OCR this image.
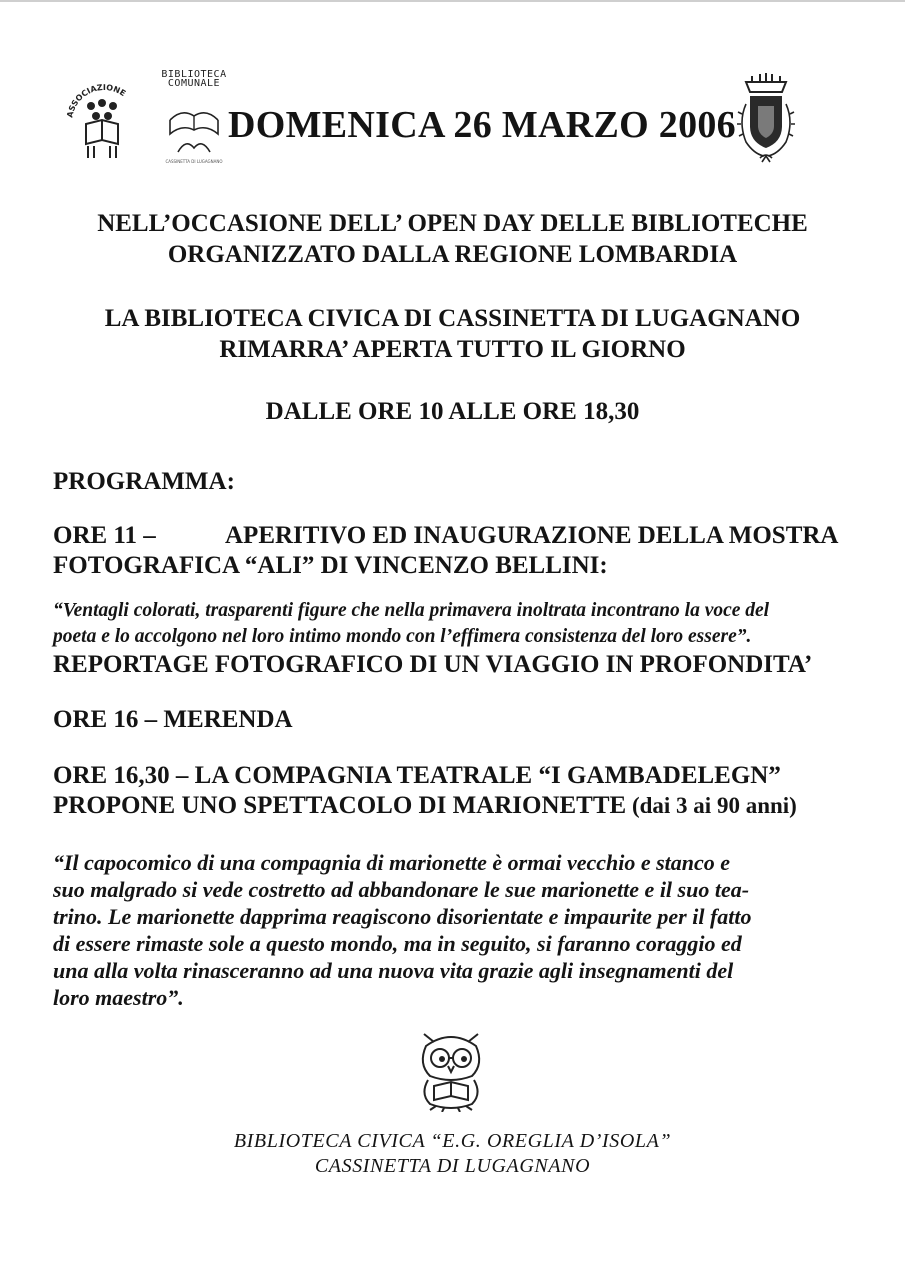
ASSOCIAZIONE
BIBLIOTECA
COMUNALE
CASSINETTA DI LUGAGNANO
DOMENICA 26 MARZO 2006
NELL’OCCASIONE DELL’ OPEN DAY DELLE BIBLIOTECHE
ORGANIZZATO DALLA REGIONE LOMBARDIA
LA BIBLIOTECA CIVICA DI CASSINETTA DI LUGAGNANO
RIMARRA’ APERTA TUTTO IL GIORNO
DALLE ORE 10 ALLE ORE 18,30
PROGRAMMA:
ORE 11 –	APERITIVO ED INAUGURAZIONE DELLA MOSTRA
FOTOGRAFICA “ALI” DI VINCENZO BELLINI:
“Ventagli colorati, trasparenti figure che nella primavera inoltrata incontrano la voce del
poeta e lo accolgono nel loro intimo mondo con l’effimera consistenza del loro essere”.
REPORTAGE FOTOGRAFICO DI UN VIAGGIO IN PROFONDITA’
ORE 16 – MERENDA
ORE 16,30 – LA COMPAGNIA TEATRALE “I GAMBADELEGN”
PROPONE UNO SPETTACOLO DI MARIONETTE (dai 3 ai 90 anni)
“Il capocomico di una compagnia di marionette è ormai vecchio e stanco e
suo malgrado si vede costretto ad abbandonare le sue marionette e il suo tea-
trino. Le marionette dapprima reagiscono disorientate e impaurite per il fatto
di essere rimaste sole a questo mondo, ma in seguito, si faranno coraggio ed
una alla volta rinasceranno ad una nuova vita grazie agli insegnamenti del
loro maestro”.
BIBLIOTECA CIVICA “E.G. OREGLIA D’ISOLA”
CASSINETTA DI LUGAGNANO
